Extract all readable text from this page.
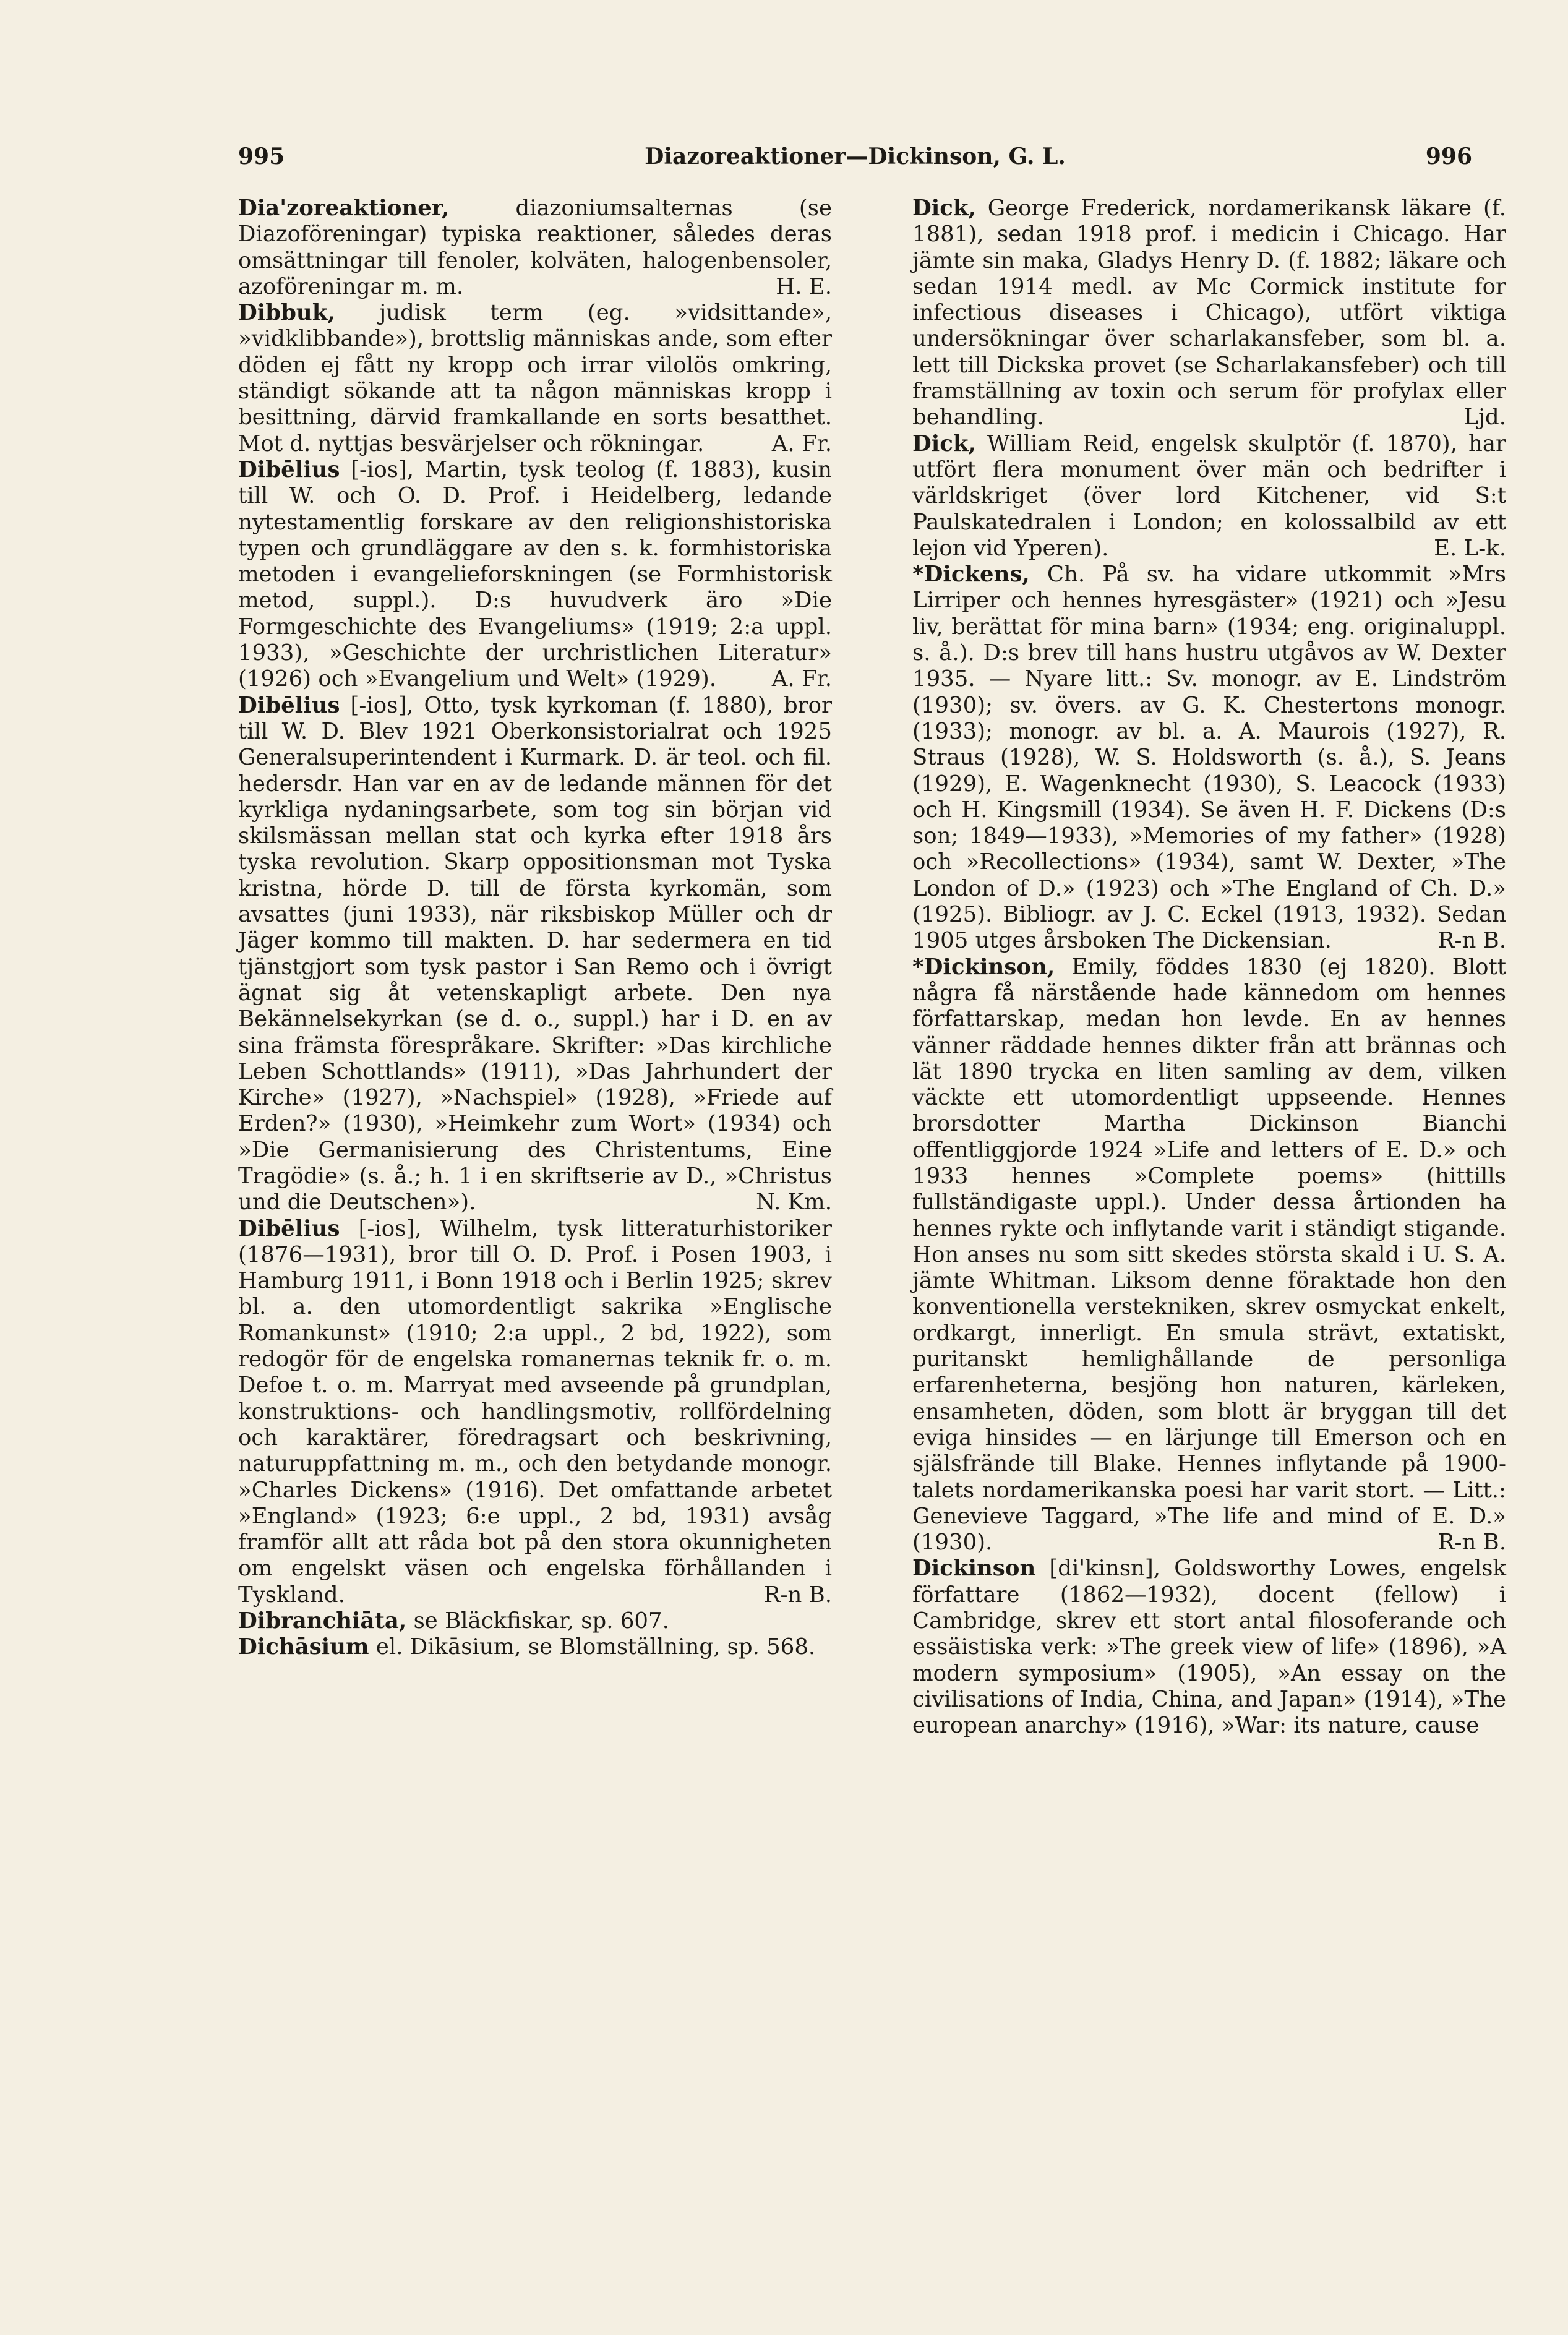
995	Diazoreaktioner—Dickinson, G. L.	996

Dia'zoreaktioner, diazoniumsalternas (se Diazoföreningar) typiska reaktioner, således deras omsättningar till fenoler, kolväten, halogenbensoler, azoföreningar m. m.	H. E.

Dibbuk, judisk term (eg. »vidsittande», »vidklibbande»), brottslig människas ande, som efter döden ej fått ny kropp och irrar vilolös omkring, ständigt sökande att ta någon människas kropp i besittning, därvid framkallande en sorts besatthet. Mot d. nyttjas besvärjelser och rökningar.	A. Fr.

Dibēlius [-ios], Martin, tysk teolog (f. 1883), kusin till W. och O. D. Prof. i Heidelberg, ledande nytestamentlig forskare av den religionshistoriska typen och grundläggare av den s. k. formhistoriska metoden i evangelieforskningen (se Formhistorisk metod, suppl.). D:s huvudverk äro »Die Formgeschichte des Evangeliums» (1919; 2:a uppl. 1933), »Geschichte der urchristlichen Literatur» (1926) och »Evangelium und Welt» (1929).	A. Fr.

Dibēlius [-ios], Otto, tysk kyrkoman (f. 1880), bror till W. D. Blev 1921 Oberkonsistorialrat och 1925 Generalsuperintendent i Kurmark. D. är teol. och fil. hedersdr. Han var en av de ledande männen för det kyrkliga nydaningsarbete, som tog sin början vid skilsmässan mellan stat och kyrka efter 1918 års tyska revolution. Skarp oppositionsman mot Tyska kristna, hörde D. till de första kyrkomän, som avsattes (juni 1933), när riksbiskop Müller och dr Jäger kommo till makten. D. har sedermera en tid tjänstgjort som tysk pastor i San Remo och i övrigt ägnat sig åt vetenskapligt arbete. Den nya Bekännelsekyrkan (se d. o., suppl.) har i D. en av sina främsta förespråkare. Skrifter: »Das kirchliche Leben Schottlands» (1911), »Das Jahrhundert der Kirche» (1927), »Nachspiel» (1928), »Friede auf Erden?» (1930), »Heimkehr zum Wort» (1934) och »Die Germanisierung des Christentums, Eine Tragödie» (s. å.; h. 1 i en skriftserie av D., »Christus und die Deutschen»).	N. Km.

Dibēlius [-ios], Wilhelm, tysk litteraturhistoriker (1876—1931), bror till O. D. Prof. i Posen 1903, i Hamburg 1911, i Bonn 1918 och i Berlin 1925; skrev bl. a. den utomordentligt sakrika »Englische Romankunst» (1910; 2:a uppl., 2 bd, 1922), som redogör för de engelska romanernas teknik fr. o. m. Defoe t. o. m. Marryat med avseende på grundplan, konstruktions- och handlingsmotiv, rollfördelning och karaktärer, föredragsart och beskrivning, naturuppfattning m. m., och den betydande monogr. »Charles Dickens» (1916). Det omfattande arbetet »England» (1923; 6:e uppl., 2 bd, 1931) avsåg framför allt att råda bot på den stora okunnigheten om engelskt väsen och engelska förhållanden i Tyskland.	R-n B.

Dibranchiāta, se Bläckfiskar, sp. 607.

Dichāsium el. Dikāsium, se Blomställning, sp. 568.

Dick, George Frederick, nordamerikansk läkare (f. 1881), sedan 1918 prof. i medicin i Chicago. Har jämte sin maka, Gladys Henry D. (f. 1882; läkare och sedan 1914 medl. av Mc Cormick institute for infectious diseases i Chicago), utfört viktiga undersökningar över scharlakansfeber, som bl. a. lett till Dickska provet (se Scharlakansfeber) och till framställning av toxin och serum för profylax eller behandling.	Ljd.

Dick, William Reid, engelsk skulptör (f. 1870), har utfört flera monument över män och bedrifter i världskriget (över lord Kitchener, vid S:t Paulskatedralen i London; en kolossalbild av ett lejon vid Yperen).	E. L-k.

*Dickens, Ch. På sv. ha vidare utkommit »Mrs Lirriper och hennes hyresgäster» (1921) och »Jesu liv, berättat för mina barn» (1934; eng. originaluppl. s. å.). D:s brev till hans hustru utgåvos av W. Dexter 1935. — Nyare litt.: Sv. monogr. av E. Lindström (1930); sv. övers. av G. K. Chestertons monogr. (1933); monogr. av bl. a. A. Maurois (1927), R. Straus (1928), W. S. Holdsworth (s. å.), S. Jeans (1929), E. Wagenknecht (1930), S. Leacock (1933) och H. Kingsmill (1934). Se även H. F. Dickens (D:s son; 1849—1933), »Memories of my father» (1928) och »Recollections» (1934), samt W. Dexter, »The London of D.» (1923) och »The England of Ch. D.» (1925). Bibliogr. av J. C. Eckel (1913, 1932). Sedan 1905 utges årsboken The Dickensian.	R-n B.

*Dickinson, Emily, föddes 1830 (ej 1820). Blott några få närstående hade kännedom om hennes författarskap, medan hon levde. En av hennes vänner räddade hennes dikter från att brännas och lät 1890 trycka en liten samling av dem, vilken väckte ett utomordentligt uppseende. Hennes brorsdotter Martha Dickinson Bianchi offentliggjorde 1924 »Life and letters of E. D.» och 1933 hennes »Complete poems» (hittills fullständigaste uppl.). Under dessa årtionden ha hennes rykte och inflytande varit i ständigt stigande. Hon anses nu som sitt skedes största skald i U. S. A. jämte Whitman. Liksom denne föraktade hon den konventionella verstekniken, skrev osmyckat enkelt, ordkargt, innerligt. En smula strävt, extatiskt, puritanskt hemlighållande de personliga erfarenheterna, besjöng hon naturen, kärleken, ensamheten, döden, som blott är bryggan till det eviga hinsides — en lärjunge till Emerson och en själsfrände till Blake. Hennes inflytande på 1900-talets nordamerikanska poesi har varit stort. — Litt.: Genevieve Taggard, »The life and mind of E. D.» (1930).	R-n B.

Dickinson [di'kinsn], Goldsworthy Lowes, engelsk författare (1862—1932), docent (fellow) i Cambridge, skrev ett stort antal filosoferande och essäistiska verk: »The greek view of life» (1896), »A modern symposium» (1905), »An essay on the civilisations of India, China, and Japan» (1914), »The european anarchy» (1916), »War: its nature, cause
